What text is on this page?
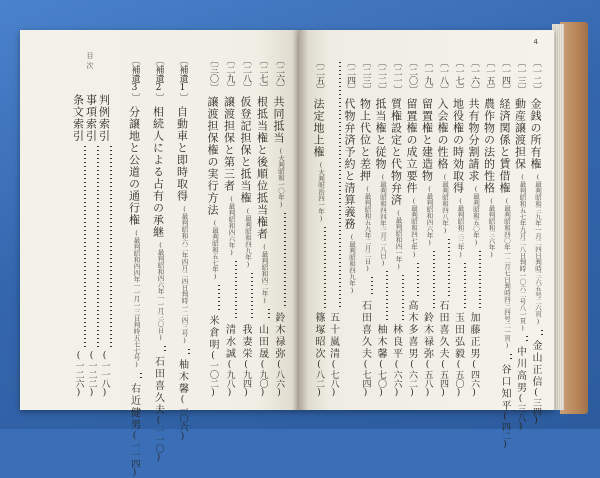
目次	〔二六〕
共同抵当
(大判昭和一〇年)
鈴木禄弥
(八六)
〔二七〕
根抵当権と後順位抵当権者
(最判昭和四二年)
山田晟
(九〇)
〔二八〕
仮登記担保と抵当権
(最判昭和四九年)
我妻栄
(九四)
〔二九〕
譲渡担保と第三者
(最判昭和四六年)
清水誠
(九八)
〔三〇〕
譲渡担保権の実行方法
(最判昭和五七年)
米倉明
(一〇二)
〔補遺1〕
自動車と即時取得
(最判昭和六二年四月二四日判時一二四三号)
柚木馨
(一〇六)
〔補遺2〕
相続人による占有の承継
(最判昭和四六年一一月三〇日)
石田喜久夫
(一一〇)
〔補遺3〕
分譲地と公道の通行権
(最判昭和四四年一一月一三日判時五七七号)
右近健男
(一一四)
判例索引
(一一八)
事項索引
(一二二)
条文索引
(一二六)
4
〔一二〕
金銭の所有権
(最判昭和三九年一月二四日判時三六五号二六頁)
金山正信
(三四)
〔一三〕
動産譲渡担保
(最判昭和五七年九月二八日判時一〇六二号八一頁)
中川高男
(三八)
〔一四〕
経済関係と賃借権
(最判昭和四〇年一二月七日判時四三四号二一頁)
谷口知平
(四二)
〔一五〕
農作物の法的性格
(最判昭和三六年)
〔一六〕
共有物分割請求
(最判昭和五〇年)
加藤正男
(四六)
〔一七〕
地役権の時効取得
(最判昭和三三年)
玉田弘毅
(五〇)
〔一八〕
入会権の性格
(最判昭和四八年)
石田喜久夫
(五四)
〔一九〕
留置権と建造物
(最判昭和四六年)
鈴木禄弥
(五八)
〔二〇〕
留置権の成立要件
(最判昭和四七年)
高木多喜男
(六二)
〔二一〕
質権設定と代物弁済
(最判昭和四一年)
林良平
(六六)
〔二二〕
抵当権と従物
(最判昭和四四年三月二八日)
柚木馨
(七〇)
〔二三〕
物上代位と差押
(最判昭和五九年二月二日)
石田喜久夫
(七四)
〔二四〕
代物弁済予約と清算義務
(最判昭和四九年)
五十嵐清
(七八)
〔二五〕
法定地上権
(大判明治四一年)
篠塚昭次
(八二)
